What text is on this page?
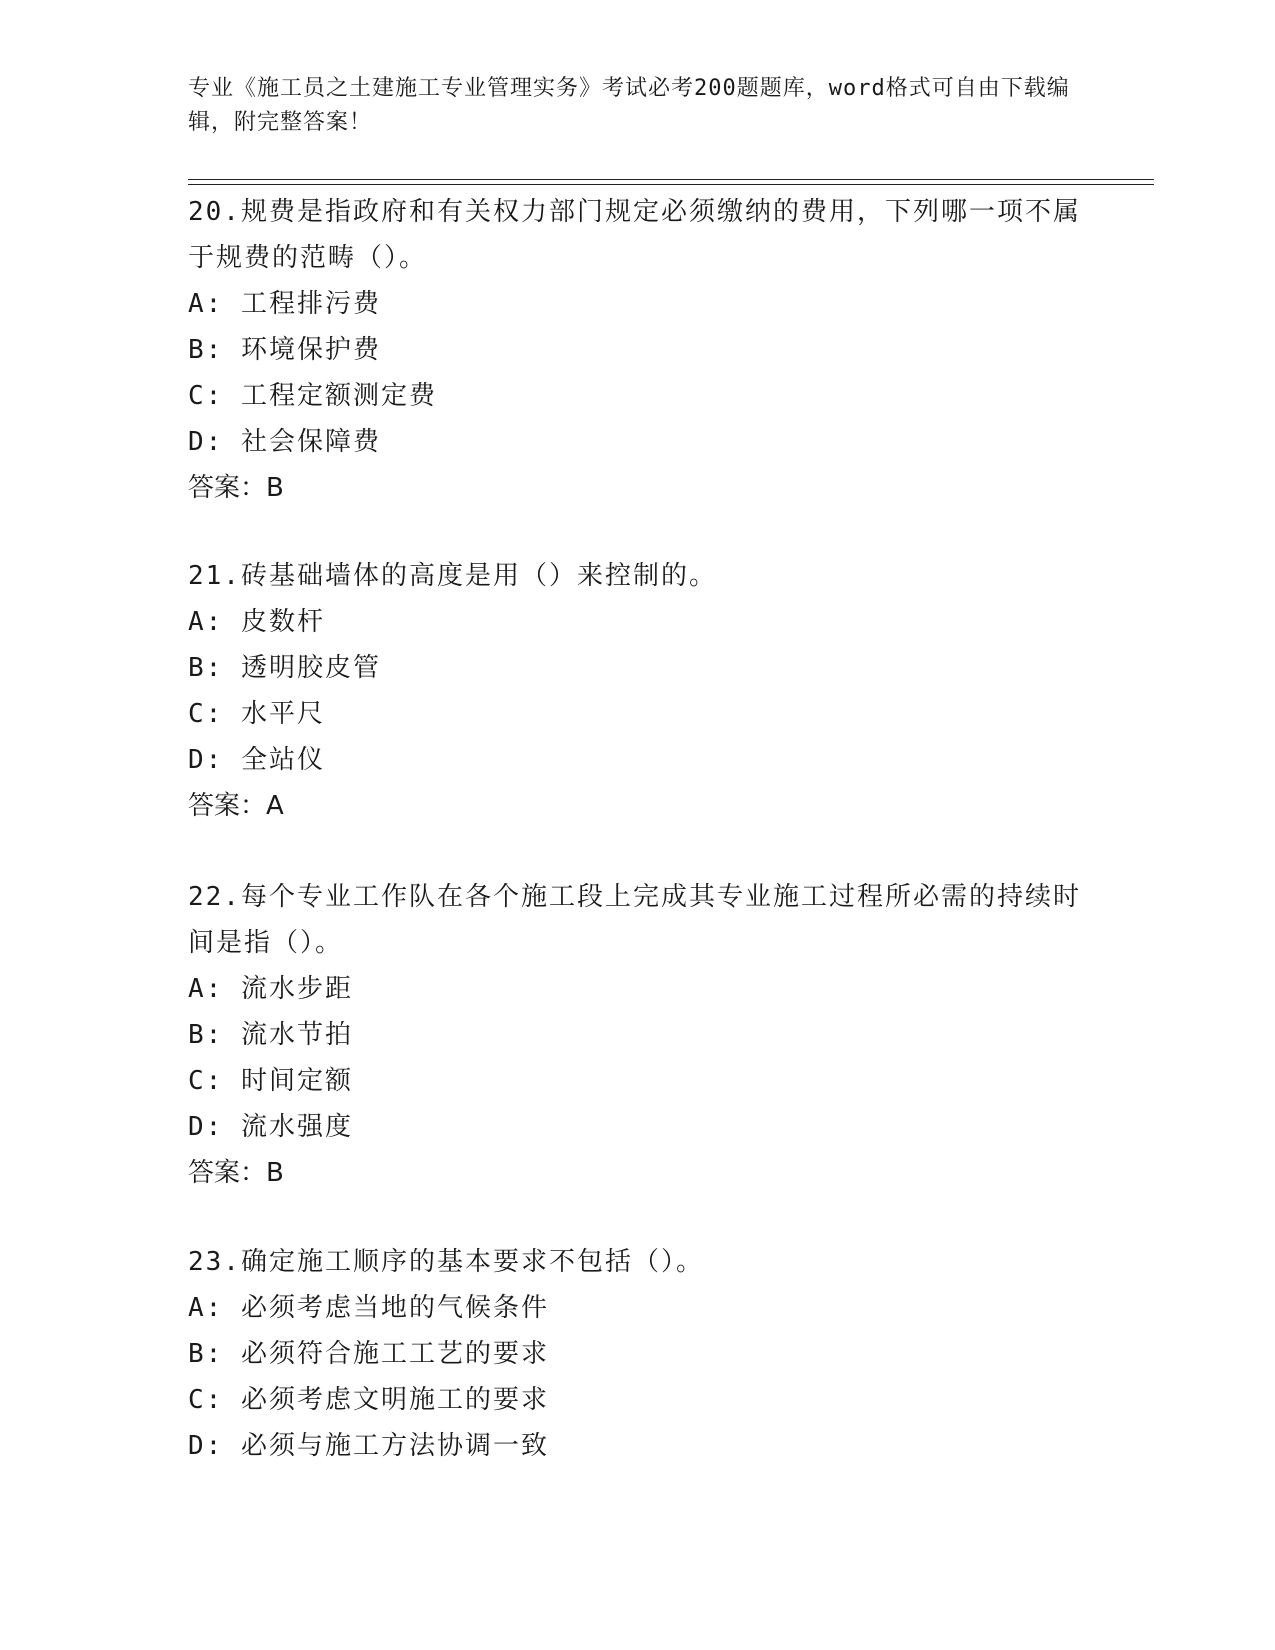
专业《施工员之土建施工专业管理实务》考试必考200题题库，word格式可自由下载编辑，附完整答案！
20.规费是指政府和有关权力部门规定必须缴纳的费用，下列哪一项不属于规费的范畴（）。
A: 工程排污费
B: 环境保护费
C: 工程定额测定费
D: 社会保障费
答案：B
21.砖基础墙体的高度是用（）来控制的。
A: 皮数杆
B: 透明胶皮管
C: 水平尺
D: 全站仪
答案：A
22.每个专业工作队在各个施工段上完成其专业施工过程所必需的持续时间是指（）。
A: 流水步距
B: 流水节拍
C: 时间定额
D: 流水强度
答案：B
23.确定施工顺序的基本要求不包括（）。
A: 必须考虑当地的气候条件
B: 必须符合施工工艺的要求
C: 必须考虑文明施工的要求
D: 必须与施工方法协调一致
